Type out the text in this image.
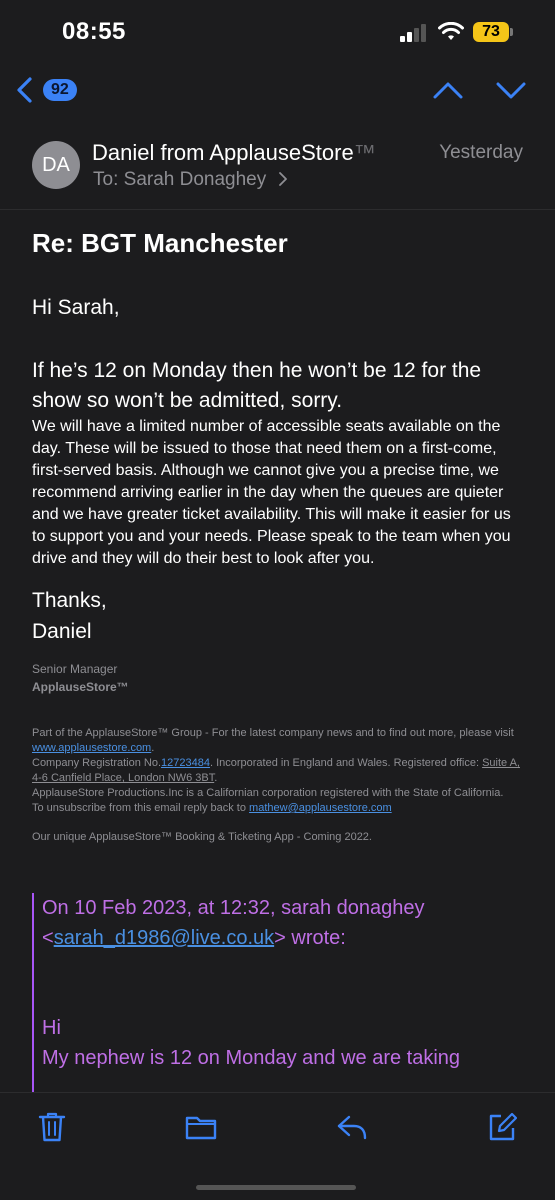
08:55	73
92
DA	Daniel from ApplauseStore™	Yesterday
To: Sarah Donaghey
Re: BGT Manchester
Hi Sarah,
If he’s 12 on Monday then he won’t be 12 for the show so won’t be admitted, sorry.
We will have a limited number of accessible seats available on the day. These will be issued to those that need them on a first-come, first-served basis. Although we cannot give you a precise time, we recommend arriving earlier in the day when the queues are quieter and we have greater ticket availability. This will make it easier for us to support you and your needs. Please speak to the team when you drive and they will do their best to look after you.
Thanks,
Daniel
Senior Manager
ApplauseStore™

Part of the ApplauseStore™ Group - For the latest company news and to find out more, please visit www.applausestore.com.

Company Registration No.12723484. Incorporated in England and Wales. Registered office: Suite A, 4-6 Canfield Place, London NW6 3BT.

ApplauseStore Productions.Inc is a Californian corporation registered with the State of California.

To unsubscribe from this email reply back to mathew@applausestore.com

Our unique ApplauseStore™ Booking & Ticketing App - Coming 2022.

On 10 Feb 2023, at 12:32, sarah donaghey
<sarah_d1986@live.co.uk> wrote:
Hi
My nephew is 12 on Monday and we are taking
